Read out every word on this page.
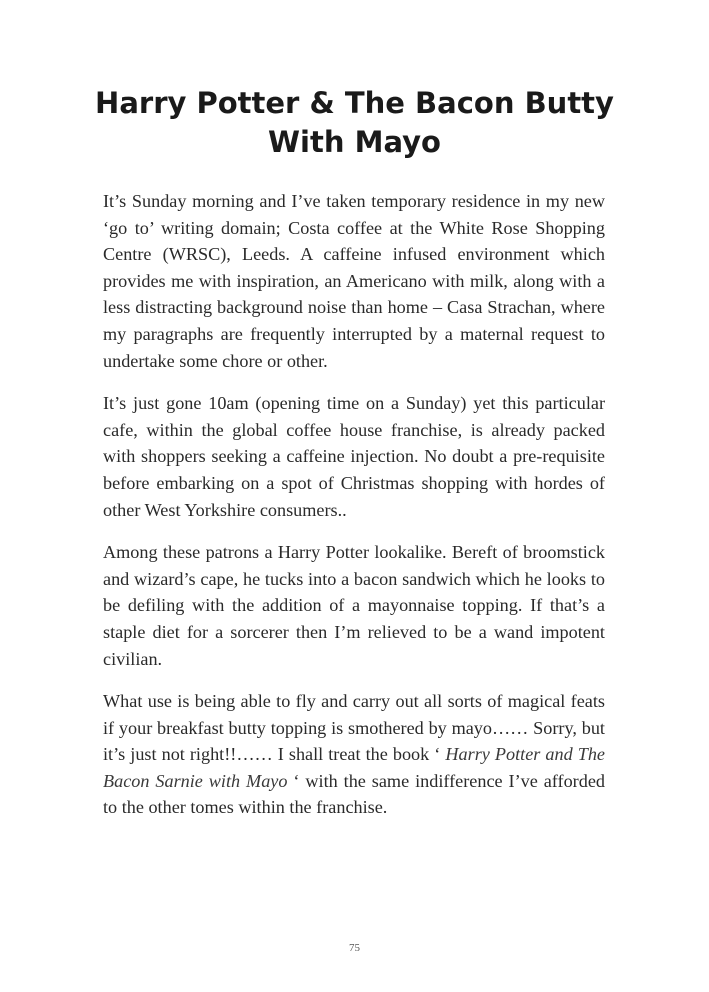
Harry Potter & The Bacon Butty With Mayo

It’s Sunday morning and I’ve taken temporary residence in my new ‘go to’ writing domain; Costa coffee at the White Rose Shopping Centre (WRSC), Leeds. A caffeine infused environment which provides me with inspiration, an Americano with milk, along with a less distracting background noise than home – Casa Strachan, where my paragraphs are frequently interrupted by a maternal request to undertake some chore or other.

It’s just gone 10am (opening time on a Sunday) yet this particular cafe, within the global coffee house franchise, is already packed with shoppers seeking a caffeine injection. No doubt a pre-requisite before embarking on a spot of Christmas shopping with hordes of other West Yorkshire consumers..

Among these patrons a Harry Potter lookalike. Bereft of broomstick and wizard’s cape, he tucks into a bacon sandwich which he looks to be defiling with the addition of a mayonnaise topping. If that’s a staple diet for a sorcerer then I’m relieved to be a wand impotent civilian.

What use is being able to fly and carry out all sorts of magical feats if your breakfast butty topping is smothered by mayo…… Sorry, but it’s just not right!!…… I shall treat the book ‘ Harry Potter and The Bacon Sarnie with Mayo ‘ with the same indifference I’ve afforded to the other tomes within the franchise.

75
